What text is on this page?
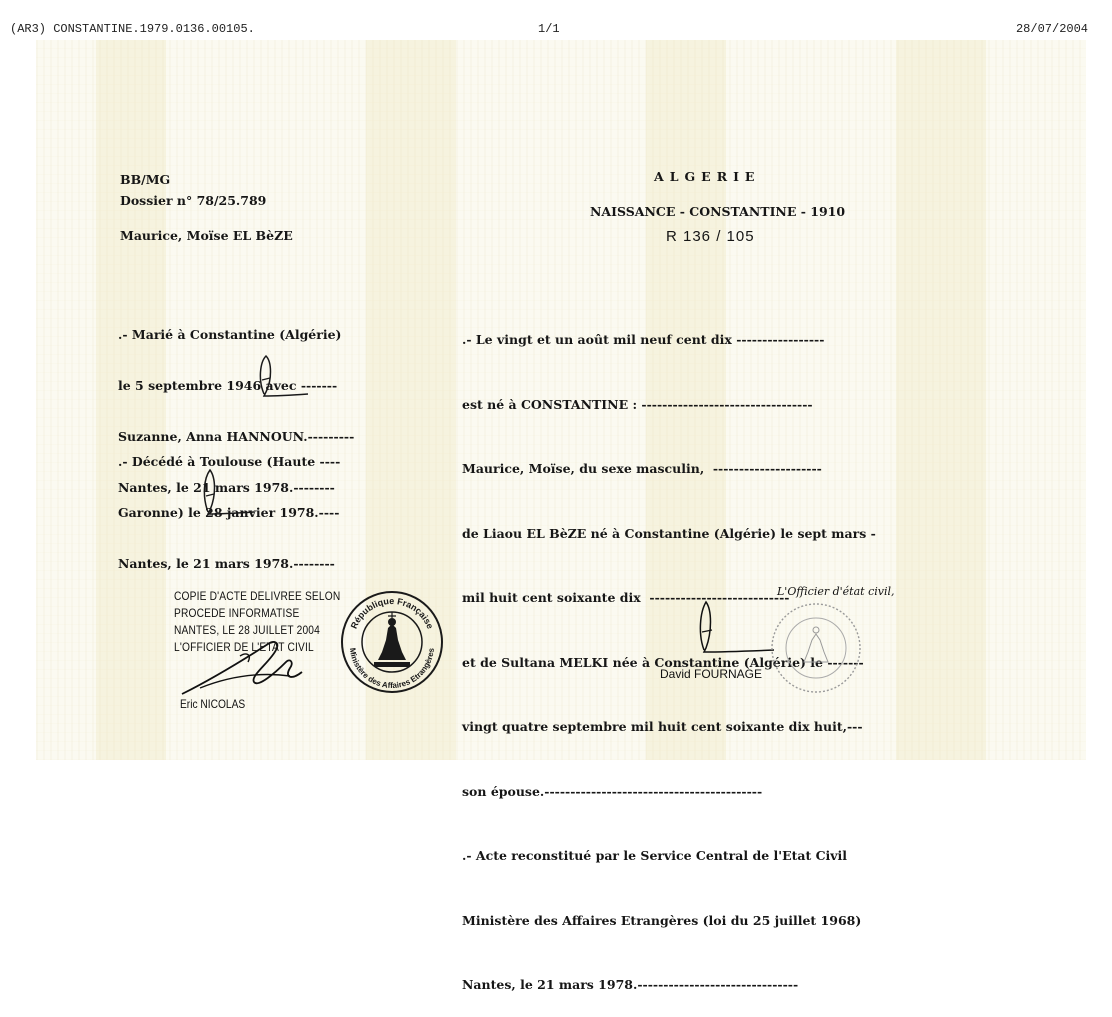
(AR3) CONSTANTINE.1979.0136.00105.	1/1	28/07/2004
BB/MG
Dossier n° 78/25.789
Maurice, Moïse EL BèZE

.- Marié à Constantine (Algérie)

le 5 septembre 1946 avec -------

Suzanne, Anna HANNOUN.---------

Nantes, le 21 mars 1978.--------

.- Décédé à Toulouse (Haute ----

Garonne) le 28 janvier 1978.----

Nantes, le 21 mars 1978.--------

ALGERIE
NAISSANCE - CONSTANTINE - 1910
R 136 / 105

.- Le vingt et un août mil neuf cent dix -----------------

est né à CONSTANTINE : ---------------------------------

Maurice, Moïse, du sexe masculin,  ---------------------

de Liaou EL BèZE né à Constantine (Algérie) le sept mars -

mil huit cent soixante dix  ---------------------------

et de Sultana MELKI née à Constantine (Algérie) le -------

vingt quatre septembre mil huit cent soixante dix huit,---

son épouse.------------------------------------------

.- Acte reconstitué par le Service Central de l'Etat Civil

Ministère des Affaires Etrangères (loi du 25 juillet 1968)

Nantes, le 21 mars 1978.-------------------------------

COPIE D'ACTE DELIVREE SELON
PROCEDE INFORMATISE
NANTES, LE 28 JUILLET 2004
L'OFFICIER DE L'ETAT CIVIL
Eric NICOLAS
République Française
Ministère des Affaires Etrangères
L'Officier d'état civil,
David FOURNAGE
